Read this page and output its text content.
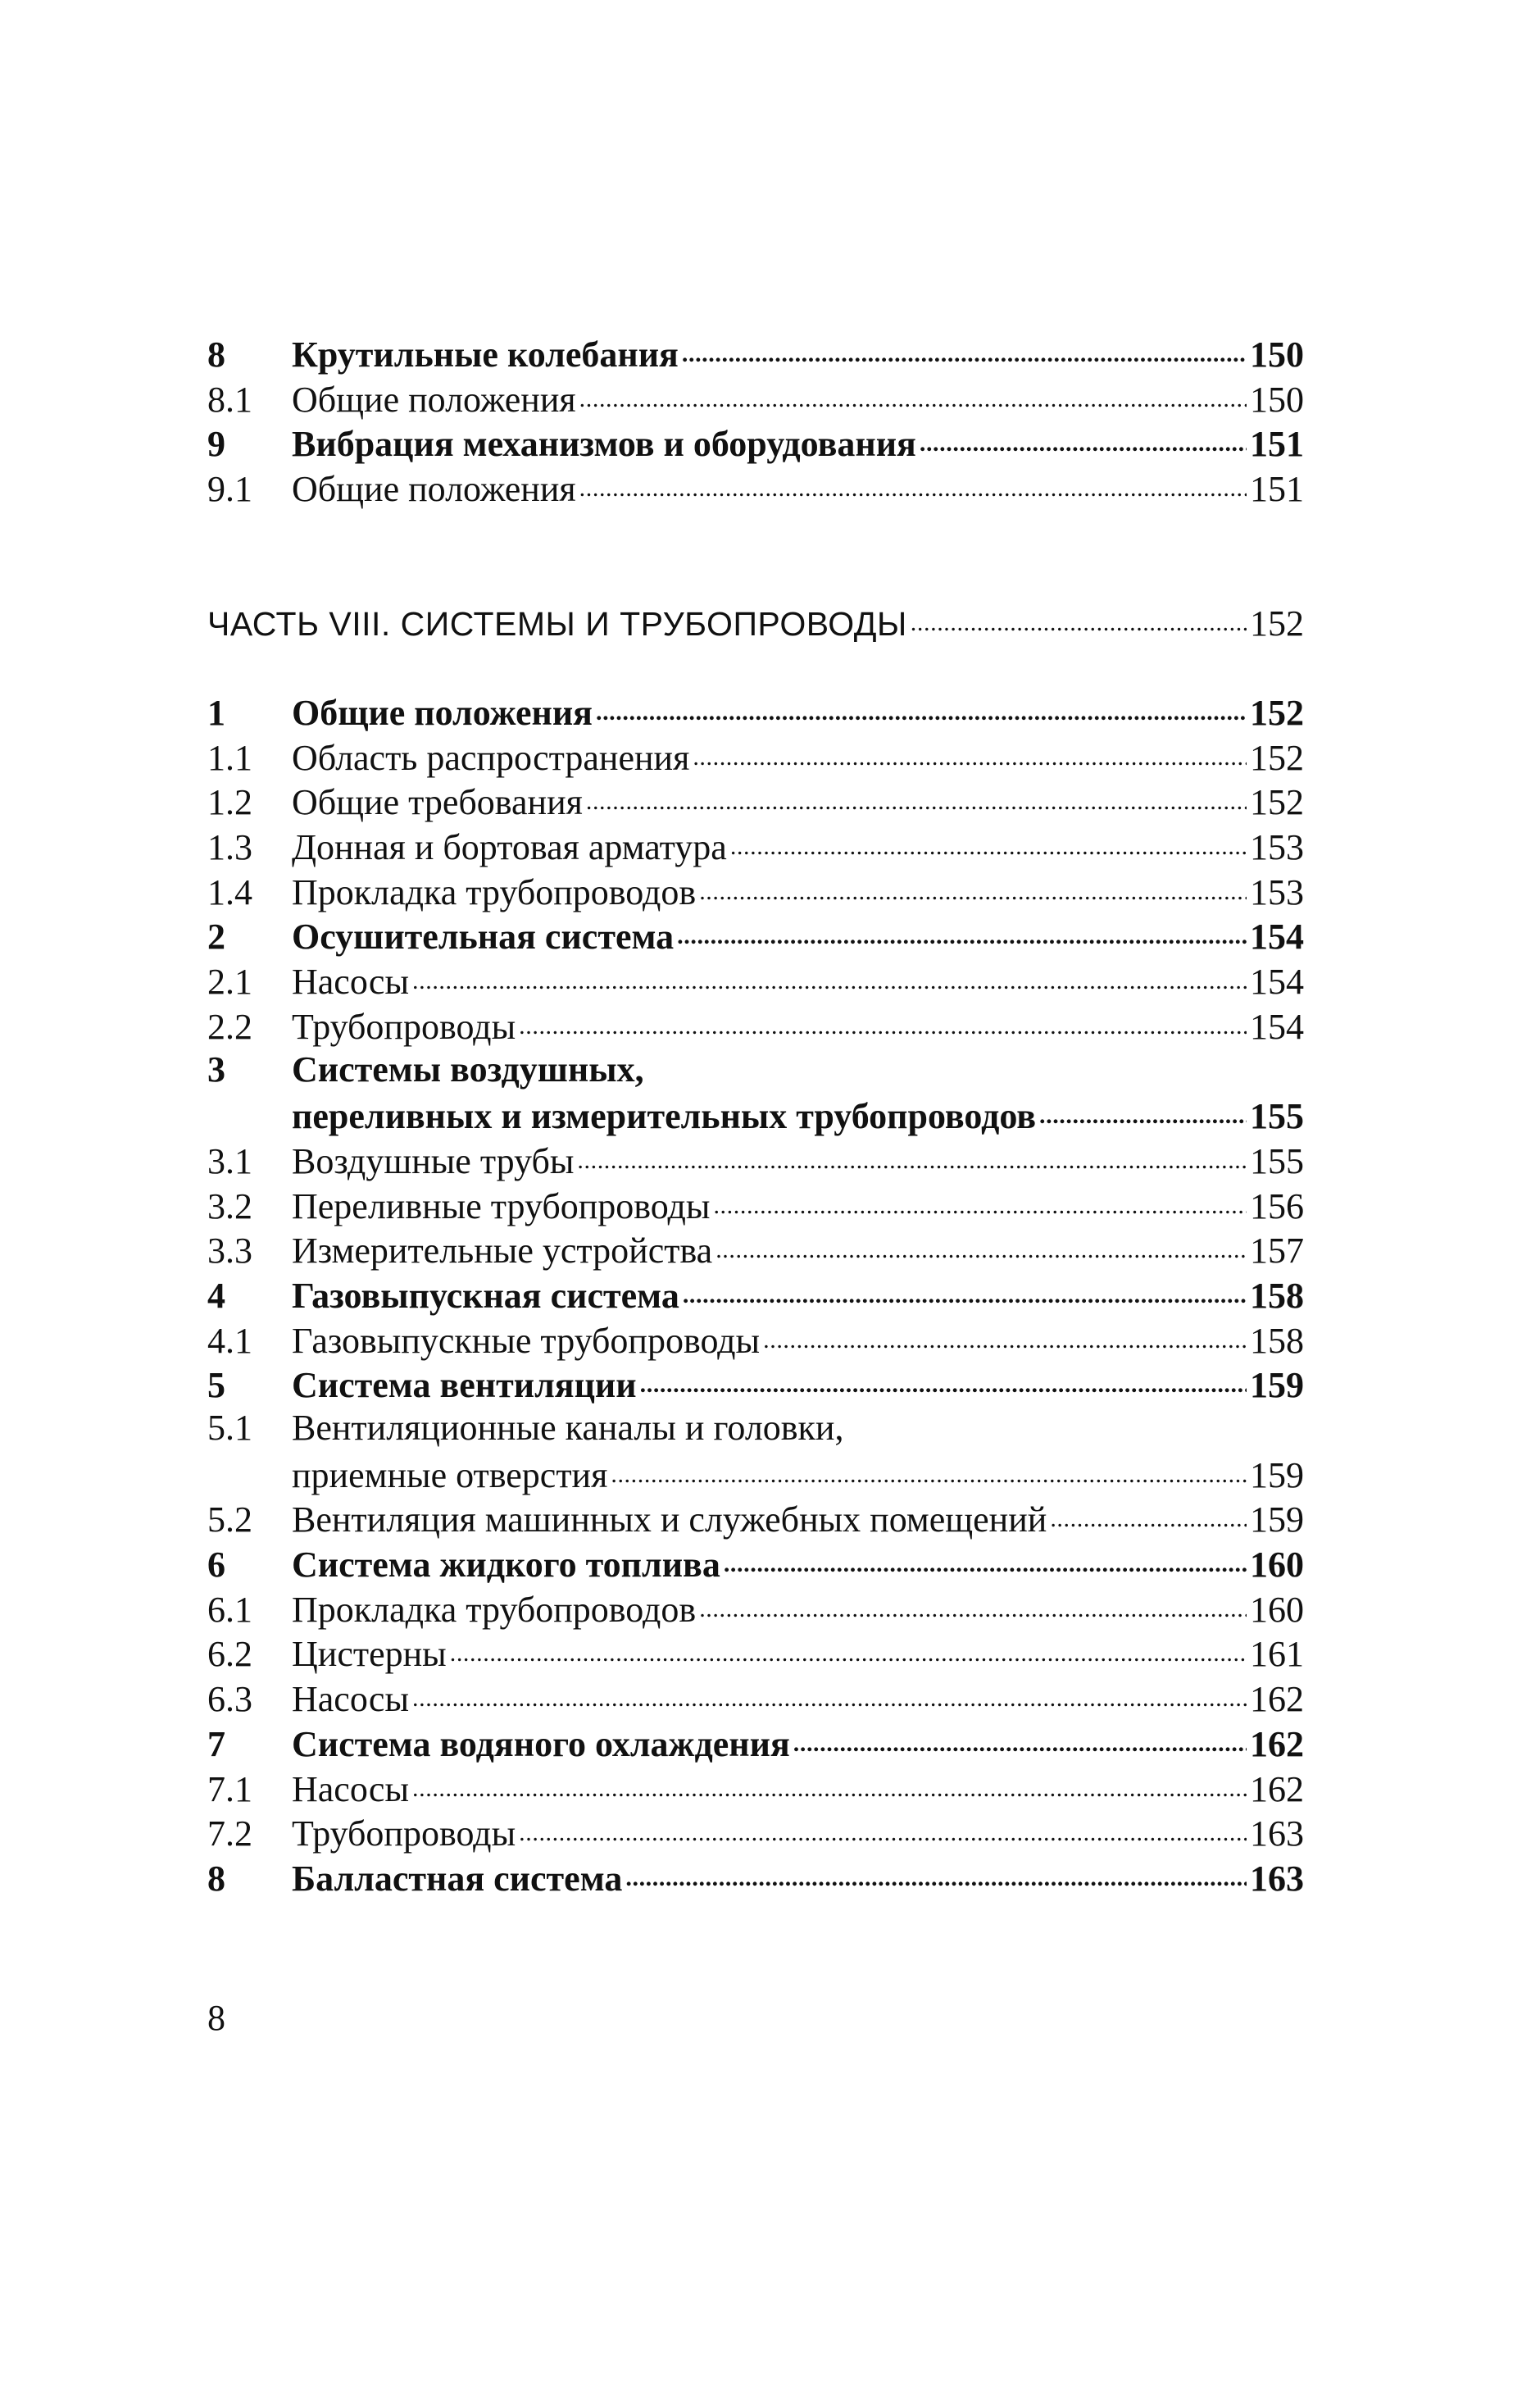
8	Крутильные колебания .....	150
8.1	Общие положения .....	150
9	Вибрация механизмов и оборудования .....	151
9.1	Общие положения .....	151
ЧАСТЬ VIII. СИСТЕМЫ И ТРУБОПРОВОДЫ .....	152
1	Общие положения .....	152
1.1	Область распространения .....	152
1.2	Общие требования .....	152
1.3	Донная и бортовая арматура .....	153
1.4	Прокладка трубопроводов .....	153
2	Осушительная система .....	154
2.1	Насосы .....	154
2.2	Трубопроводы .....	154
3	Системы воздушных,
переливных и измерительных трубопроводов .....	155
3.1	Воздушные трубы .....	155
3.2	Переливные трубопроводы .....	156
3.3	Измерительные устройства .....	157
4	Газовыпускная система .....	158
4.1	Газовыпускные трубопроводы .....	158
5	Система вентиляции .....	159
5.1	Вентиляционные каналы и головки,
приемные отверстия .....	159
5.2	Вентиляция машинных и служебных помещений .....	159
6	Система жидкого топлива .....	160
6.1	Прокладка трубопроводов .....	160
6.2	Цистерны .....	161
6.3	Насосы .....	162
7	Система водяного охлаждения .....	162
7.1	Насосы .....	162
7.2	Трубопроводы .....	163
8	Балластная система .....	163
8
